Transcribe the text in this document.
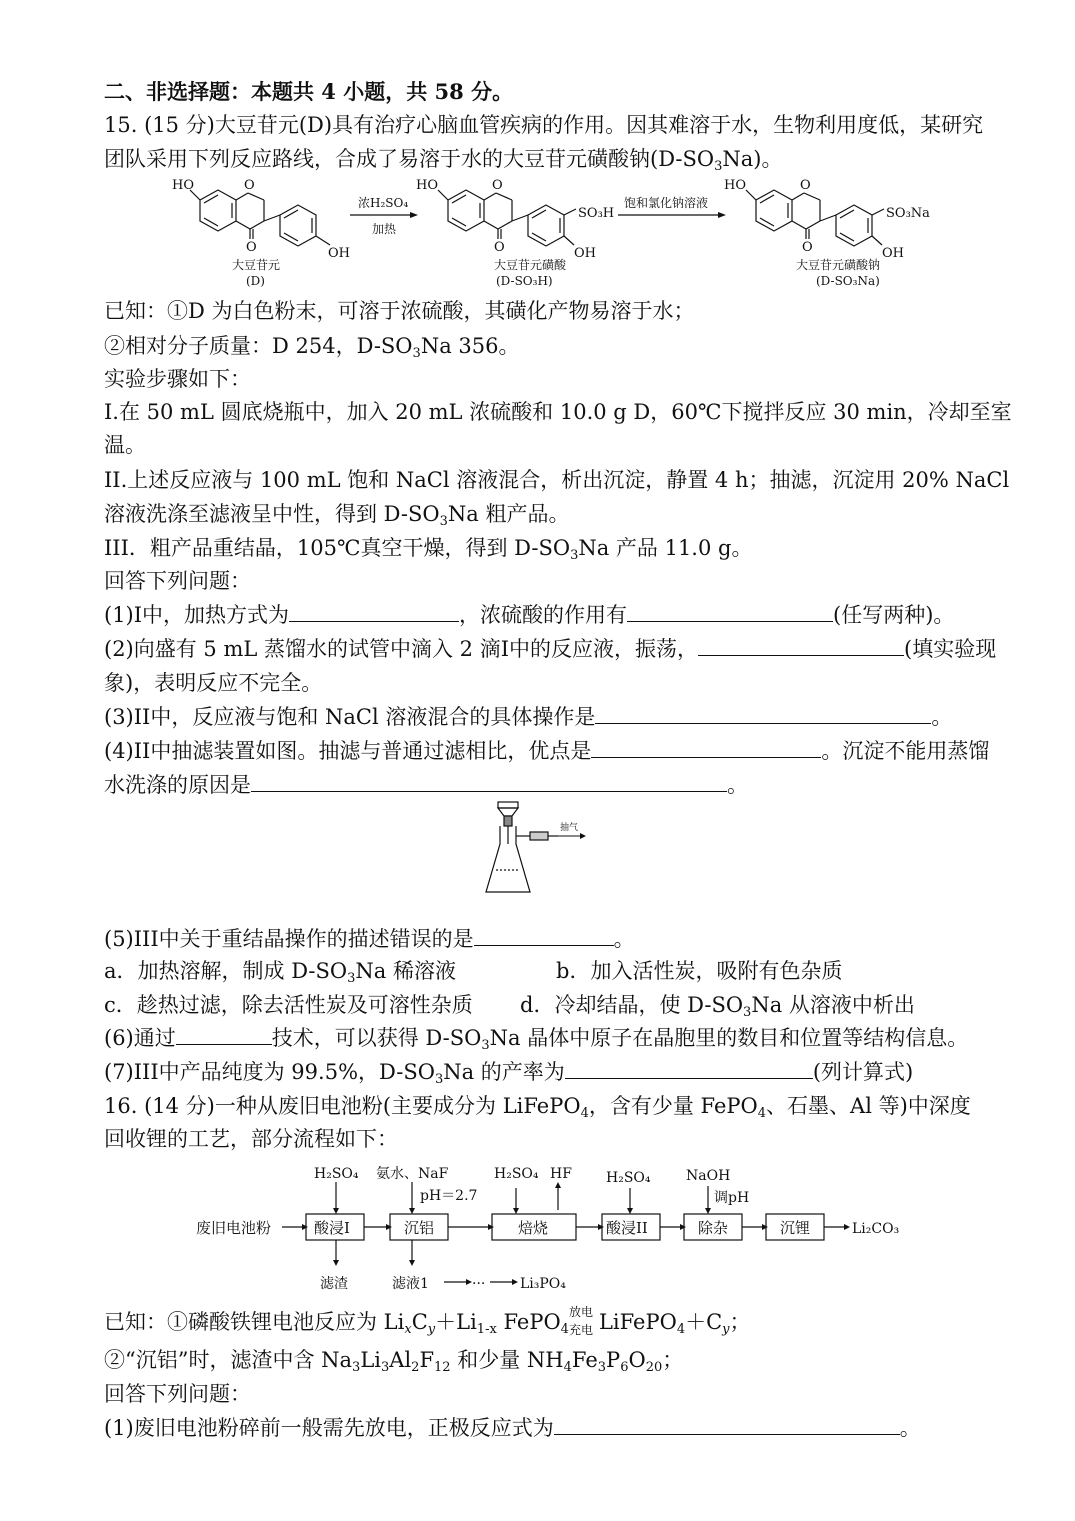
二、非选择题：本题共 4 小题，共 58 分。
15. (15 分)大豆苷元(D)具有治疗心脑血管疾病的作用。因其难溶于水，生物利用度低，某研究
团队采用下列反应路线，合成了易溶于水的大豆苷元磺酸钠$(D-SO_3Na)$。
HO	O
O	OH
大豆苷元
(D)
浓H₂SO₄
加热
HO	O
O
SO₃H
OH
大豆苷元磺酸
(D-SO₃H)
饱和氯化钠溶液
HO	O
O
SO₃Na
OH
大豆苷元磺酸钠
(D-SO₃Na)
已知：①D 为白色粉末，可溶于浓硫酸，其磺化产物易溶于水；
②相对分子质量：D 254，$D-SO_3Na$ 356。
实验步骤如下：
I.在 50 mL 圆底烧瓶中，加入 20 mL 浓硫酸和 10.0 g D，60℃下搅拌反应 30 min，冷却至室
温。
II.上述反应液与 100 mL 饱和 NaCl 溶液混合，析出沉淀，静置 4 h；抽滤，沉淀用 20% NaCl
溶液洗涤至滤液呈中性，得到 $D-SO_3Na$ 粗产品。
III．粗产品重结晶，105℃真空干燥，得到 $D-SO_3Na$ 产品 11.0 g。
回答下列问题：
(1)I中，加热方式为	，浓硫酸的作用有	(任写两种)。
(2)向盛有 5 mL 蒸馏水的试管中滴入 2 滴I中的反应液，振荡，	(填实验现
象)，表明反应不完全。
(3)II中，反应液与饱和 NaCl 溶液混合的具体操作是	。
(4)II中抽滤装置如图。抽滤与普通过滤相比，优点是	。沉淀不能用蒸馏
水洗涤的原因是	。
抽气
(5)III中关于重结晶操作的描述错误的是	。
a．加热溶解，制成 $D-SO_3Na$ 稀溶液	b．加入活性炭，吸附有色杂质
c．趁热过滤，除去活性炭及可溶性杂质 d．冷却结晶，使 $D-SO_3Na$ 从溶液中析出
(6)通过	技术，可以获得 $D-SO_3Na$ 晶体中原子在晶胞里的数目和位置等结构信息。
(7)III中产品纯度为 99.5%，$D-SO_3Na$ 的产率为	(列计算式)
16. (14 分)一种从废旧电池粉(主要成分为 LiFePO$_4$，含有少量 FePO$_4$、石墨、Al 等)中深度
回收锂的工艺，部分流程如下：
废旧电池粉	酸浸I	沉铝	焙烧	酸浸II	除杂	沉锂	Li₂CO₃
H₂SO₄ 氨水、NaF
pH＝2.7
H₂SO₄ HF H₂SO₄	NaOH
调pH
滤渣	滤液1	··· Li₃PO₄
已知：①磷酸铁锂电池反应为 $Li_xC_y+Li_{1-x}$ FePO$_4$
放电
充电 $LiFePO_4+C_y$；
②“沉铝”时，滤渣中含 $Na_3Li_3Al_2F_{12}$ 和少量 $NH_4Fe_3P_6O_{20}$；
回答下列问题：
(1)废旧电池粉碎前一般需先放电，正极反应式为	。
